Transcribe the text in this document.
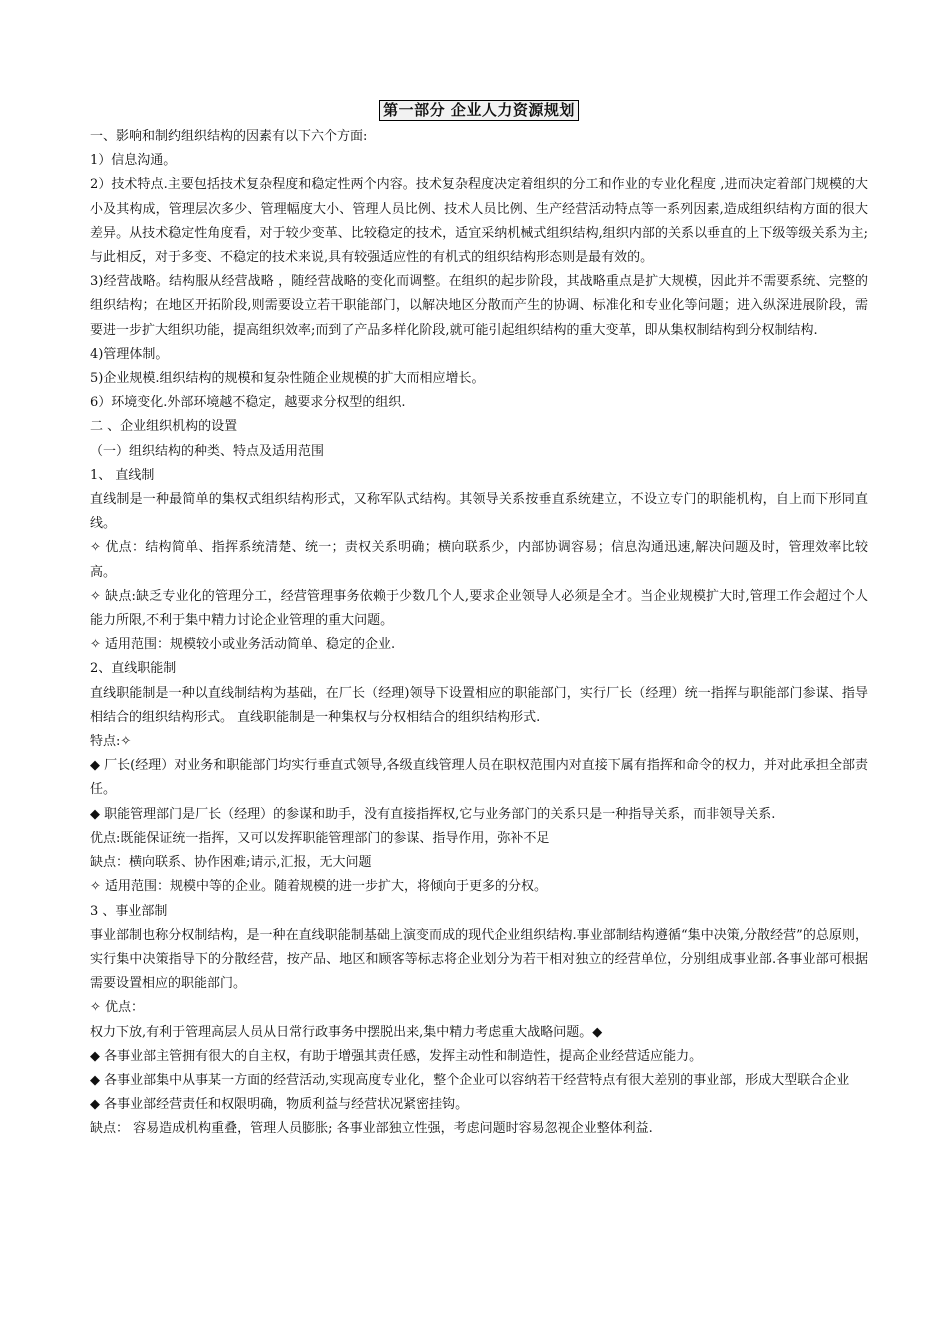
第一部分 企业人力资源规划

一、影响和制约组织结构的因素有以下六个方面:

1）信息沟通。

2）技术特点.主要包括技术复杂程度和稳定性两个内容。技术复杂程度决定着组织的分工和作业的专业化程度 ,进而决定着部门规模的大小及其构成，管理层次多少、管理幅度大小、管理人员比例、技术人员比例、生产经营活动特点等一系列因素,造成组织结构方面的很大差异。从技术稳定性角度看，对于较少变革、比较稳定的技术，适宜采纳机械式组织结构,组织内部的关系以垂直的上下级等级关系为主;与此相反，对于多变、不稳定的技术来说,具有较强适应性的有机式的组织结构形态则是最有效的。

3)经营战略。结构服从经营战略 ，随经营战略的变化而调整。在组织的起步阶段，其战略重点是扩大规模，因此并不需要系统、完整的组织结构；在地区开拓阶段,则需要设立若干职能部门，以解决地区分散而产生的协调、标准化和专业化等问题；进入纵深进展阶段，需要进一步扩大组织功能，提高组织效率;而到了产品多样化阶段,就可能引起组织结构的重大变革，即从集权制结构到分权制结构.

4)管理体制。

5)企业规模.组织结构的规模和复杂性随企业规模的扩大而相应增长。

6）环境变化.外部环境越不稳定，越要求分权型的组织.

二 、企业组织机构的设置

（一）组织结构的种类、特点及适用范围

1、 直线制

直线制是一种最简单的集权式组织结构形式，又称军队式结构。其领导关系按垂直系统建立，不设立专门的职能机构，自上而下形同直线。

✧ 优点：结构简单、指挥系统清楚、统一；责权关系明确；横向联系少，内部协调容易；信息沟通迅速,解决问题及时，管理效率比较高。

✧ 缺点:缺乏专业化的管理分工，经营管理事务依赖于少数几个人,要求企业领导人必须是全才。当企业规模扩大时,管理工作会超过个人能力所限,不利于集中精力讨论企业管理的重大问题。

✧ 适用范围：规模较小或业务活动简单、稳定的企业.

2、直线职能制

直线职能制是一种以直线制结构为基础，在厂长（经理)领导下设置相应的职能部门，实行厂长（经理）统一指挥与职能部门参谋、指导相结合的组织结构形式。 直线职能制是一种集权与分权相结合的组织结构形式.

特点:✧

◆ 厂长(经理）对业务和职能部门均实行垂直式领导,各级直线管理人员在职权范围内对直接下属有指挥和命令的权力，并对此承担全部责任。

◆ 职能管理部门是厂长（经理）的参谋和助手，没有直接指挥权,它与业务部门的关系只是一种指导关系，而非领导关系.

优点:既能保证统一指挥，又可以发挥职能管理部门的参谋、指导作用，弥补不足

缺点：横向联系、协作困难;请示,汇报，无大问题

✧ 适用范围：规模中等的企业。随着规模的进一步扩大，将倾向于更多的分权。

3 、事业部制

事业部制也称分权制结构，是一种在直线职能制基础上演变而成的现代企业组织结构.事业部制结构遵循“集中决策,分散经营”的总原则，实行集中决策指导下的分散经营，按产品、地区和顾客等标志将企业划分为若干相对独立的经营单位，分别组成事业部.各事业部可根据需要设置相应的职能部门。

✧ 优点：

权力下放,有利于管理高层人员从日常行政事务中摆脱出来,集中精力考虑重大战略问题。◆

◆ 各事业部主管拥有很大的自主权，有助于增强其责任感，发挥主动性和制造性，提高企业经营适应能力。

◆ 各事业部集中从事某一方面的经营活动,实现高度专业化，整个企业可以容纳若干经营特点有很大差别的事业部，形成大型联合企业

◆ 各事业部经营责任和权限明确，物质利益与经营状况紧密挂钩。

缺点： 容易造成机构重叠，管理人员膨胀; 各事业部独立性强，考虑问题时容易忽视企业整体利益.
